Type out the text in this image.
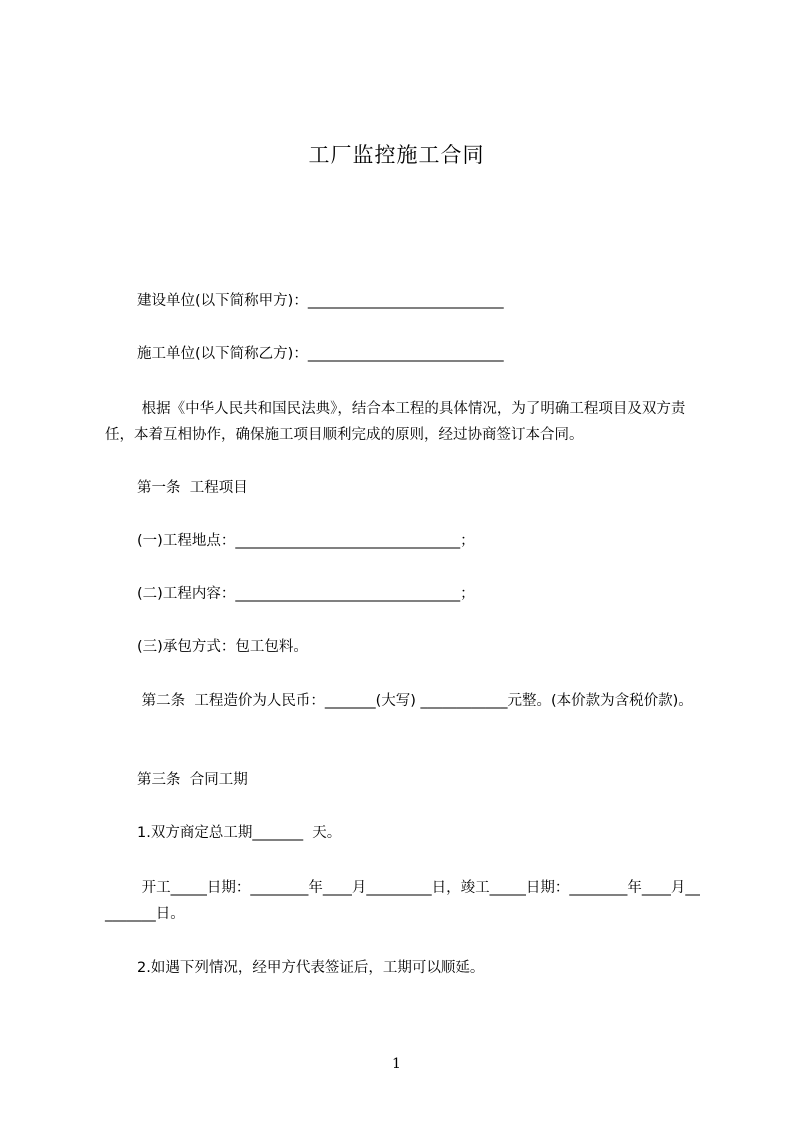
工厂监控施工合同
建设单位(以下简称甲方)：___________________________
施工单位(以下简称乙方)：___________________________
根据《中华人民共和国民法典》，结合本工程的具体情况，为了明确工程项目及双方责任，本着互相协作，确保施工项目顺利完成的原则，经过协商签订本合同。
第一条  工程项目
(一)工程地点：_______________________________；
(二)工程内容：_______________________________；
(三)承包方式：包工包料。
第二条  工程造价为人民币：_______(大写) ____________元整。(本价款为含税价款)。
第三条  合同工期
1.双方商定总工期_______  天。
开工_____日期：________年____月_________日，竣工_____日期：________年____月_________日。
2.如遇下列情况，经甲方代表签证后，工期可以顺延。
1
